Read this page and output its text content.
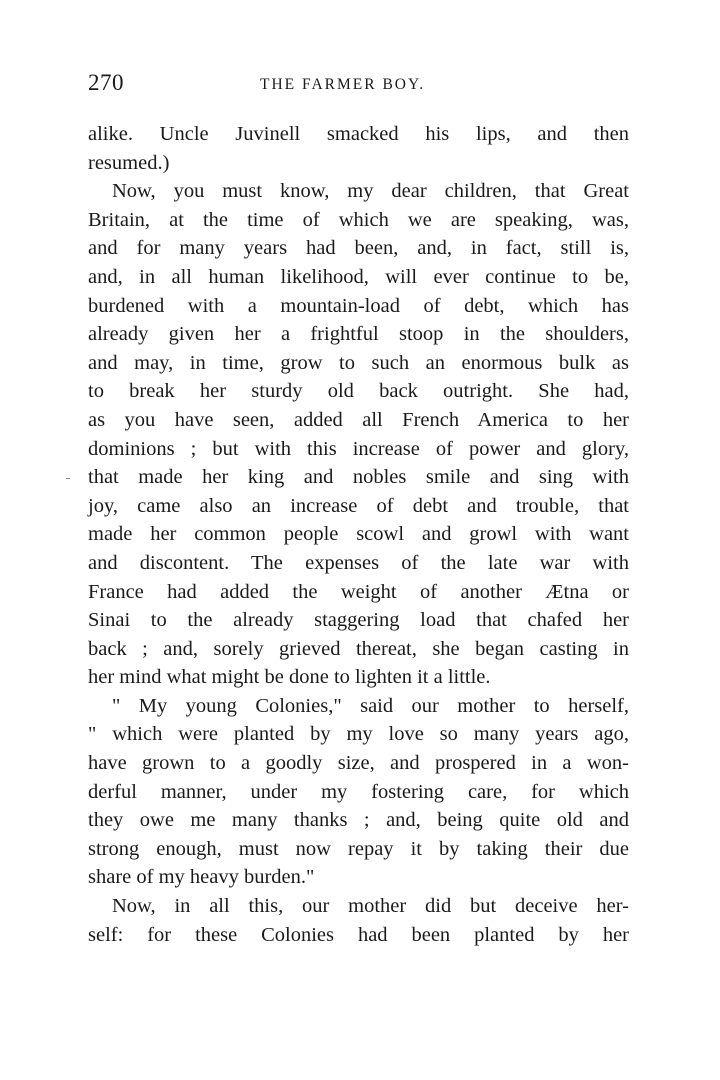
270	THE FARMER BOY.
alike. Uncle Juvinell smacked his lips, and then
resumed.)
Now, you must know, my dear children, that Great
Britain, at the time of which we are speaking, was,
and for many years had been, and, in fact, still is,
and, in all human likelihood, will ever continue to be,
burdened with a mountain-load of debt, which has
already given her a frightful stoop in the shoulders,
and may, in time, grow to such an enormous bulk as
to break her sturdy old back outright. She had,
as you have seen, added all French America to her
dominions ; but with this increase of power and glory,
that made her king and nobles smile and sing with
joy, came also an increase of debt and trouble, that
made her common people scowl and growl with want
and discontent. The expenses of the late war with
France had added the weight of another Ætna or
Sinai to the already staggering load that chafed her
back ; and, sorely grieved thereat, she began casting in
her mind what might be done to lighten it a little.
" My young Colonies," said our mother to herself,
" which were planted by my love so many years ago,
have grown to a goodly size, and prospered in a won-
derful manner, under my fostering care, for which
they owe me many thanks ; and, being quite old and
strong enough, must now repay it by taking their due
share of my heavy burden."
Now, in all this, our mother did but deceive her-
self: for these Colonies had been planted by her
